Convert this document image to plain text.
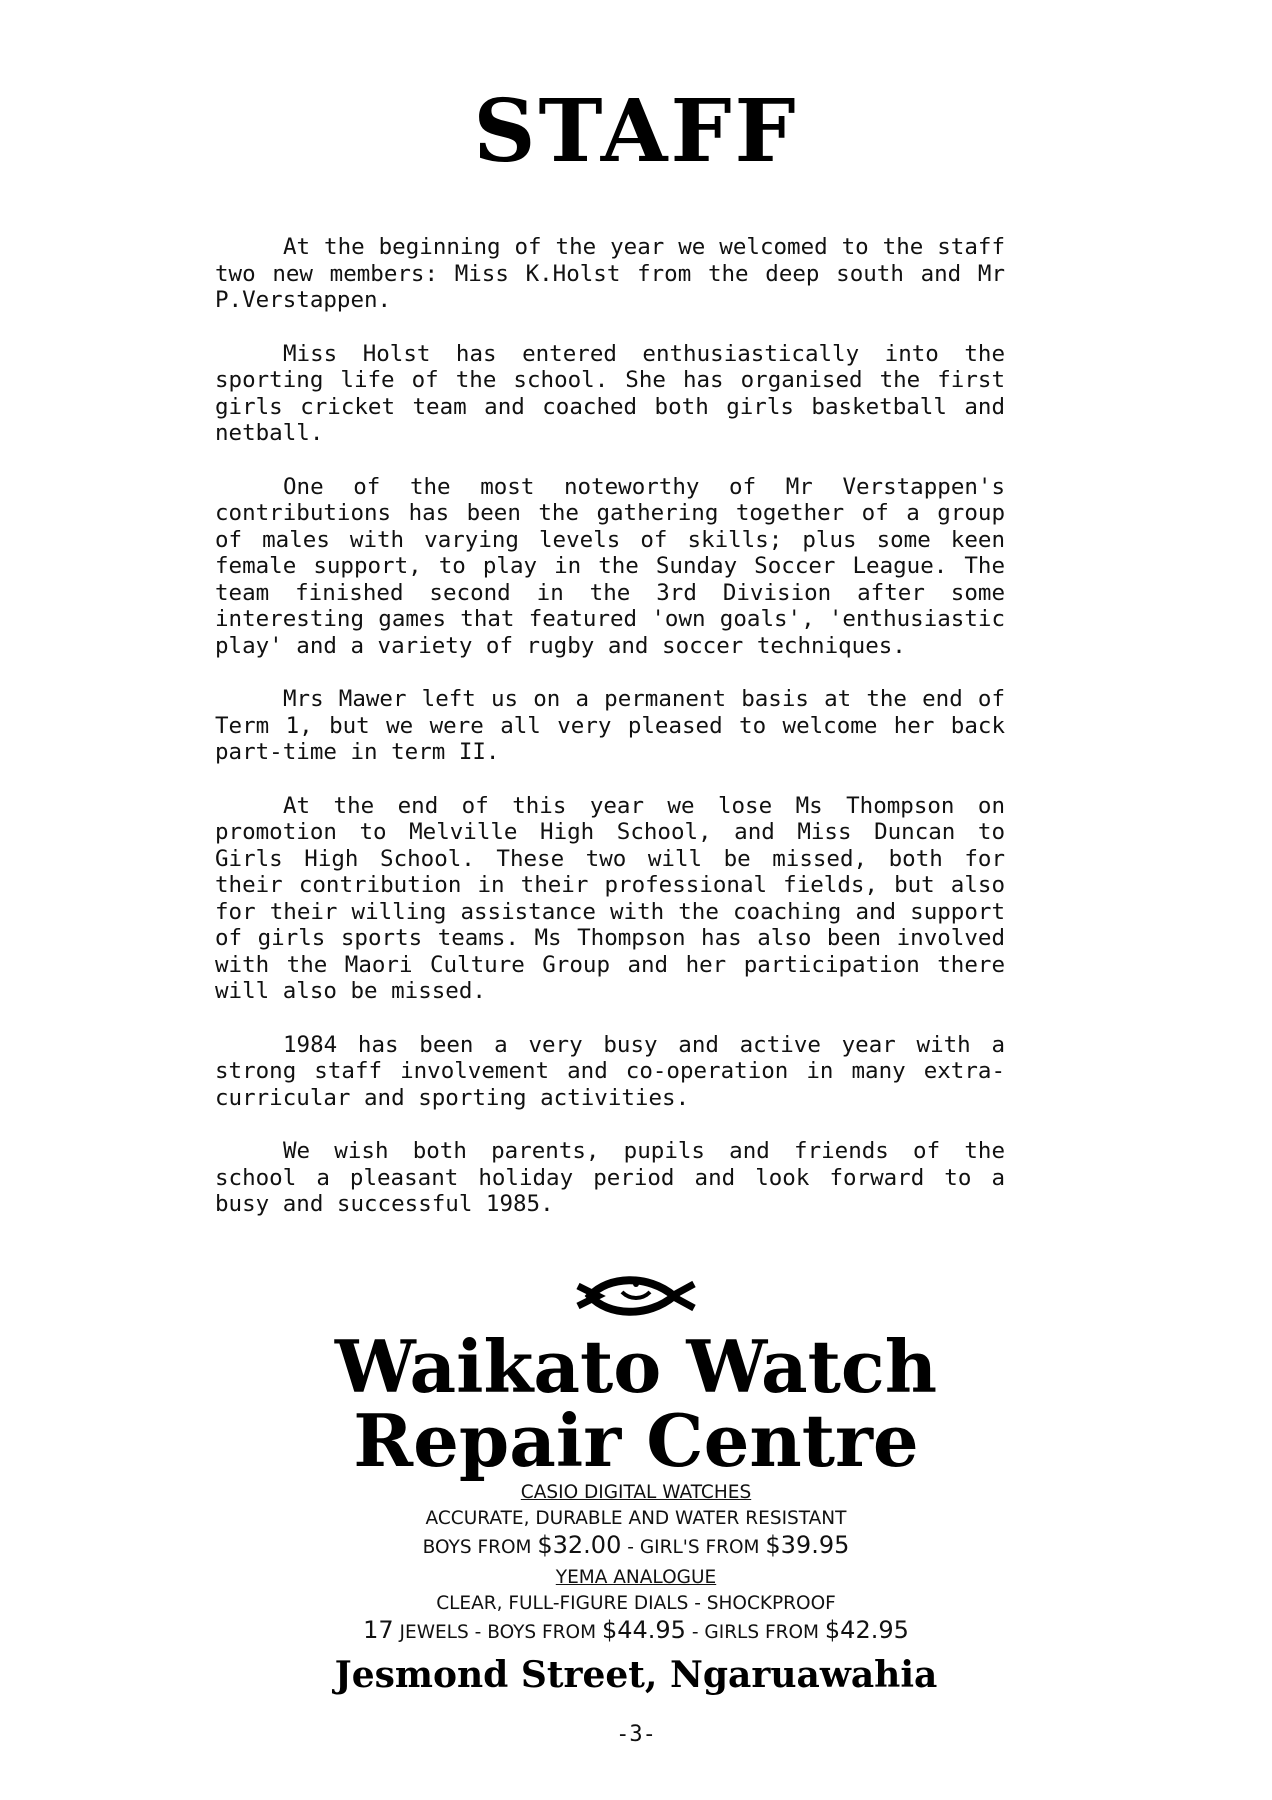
STAFF

At the beginning of the year we welcomed to the staff two new members: Miss K.Holst from the deep south and Mr P.Verstappen.

Miss Holst has entered enthusiastically into the sporting life of the school. She has organised the first girls cricket team and coached both girls basketball and netball.

One of the most noteworthy of Mr Verstappen's contributions has been the gathering together of a group of males with varying levels of skills; plus some keen female support, to play in the Sunday Soccer League. The team finished second in the 3rd Division after some interesting games that featured 'own goals', 'enthusiastic play' and a variety of rugby and soccer techniques.

Mrs Mawer left us on a permanent basis at the end of Term 1, but we were all very pleased to welcome her back part-time in term II.

At the end of this year we lose Ms Thompson on promotion to Melville High School, and Miss Duncan to Girls High School. These two will be missed, both for their contribution in their professional fields, but also for their willing assistance with the coaching and support of girls sports teams. Ms Thompson has also been involved with the Maori Culture Group and her participation there will also be missed.

1984 has been a very busy and active year with a strong staff involvement and co-operation in many extra-curricular and sporting activities.

We wish both parents, pupils and friends of the school a pleasant holiday period and look forward to a busy and successful 1985.

Waikato Watch
Repair Centre

CASIO DIGITAL WATCHES

ACCURATE, DURABLE AND WATER RESISTANT

BOYS FROM $32.00 - GIRL'S FROM $39.95

YEMA ANALOGUE

CLEAR, FULL-FIGURE DIALS - SHOCKPROOF

17 JEWELS - BOYS FROM $44.95 - GIRLS FROM $42.95

Jesmond Street, Ngaruawahia
-3-
